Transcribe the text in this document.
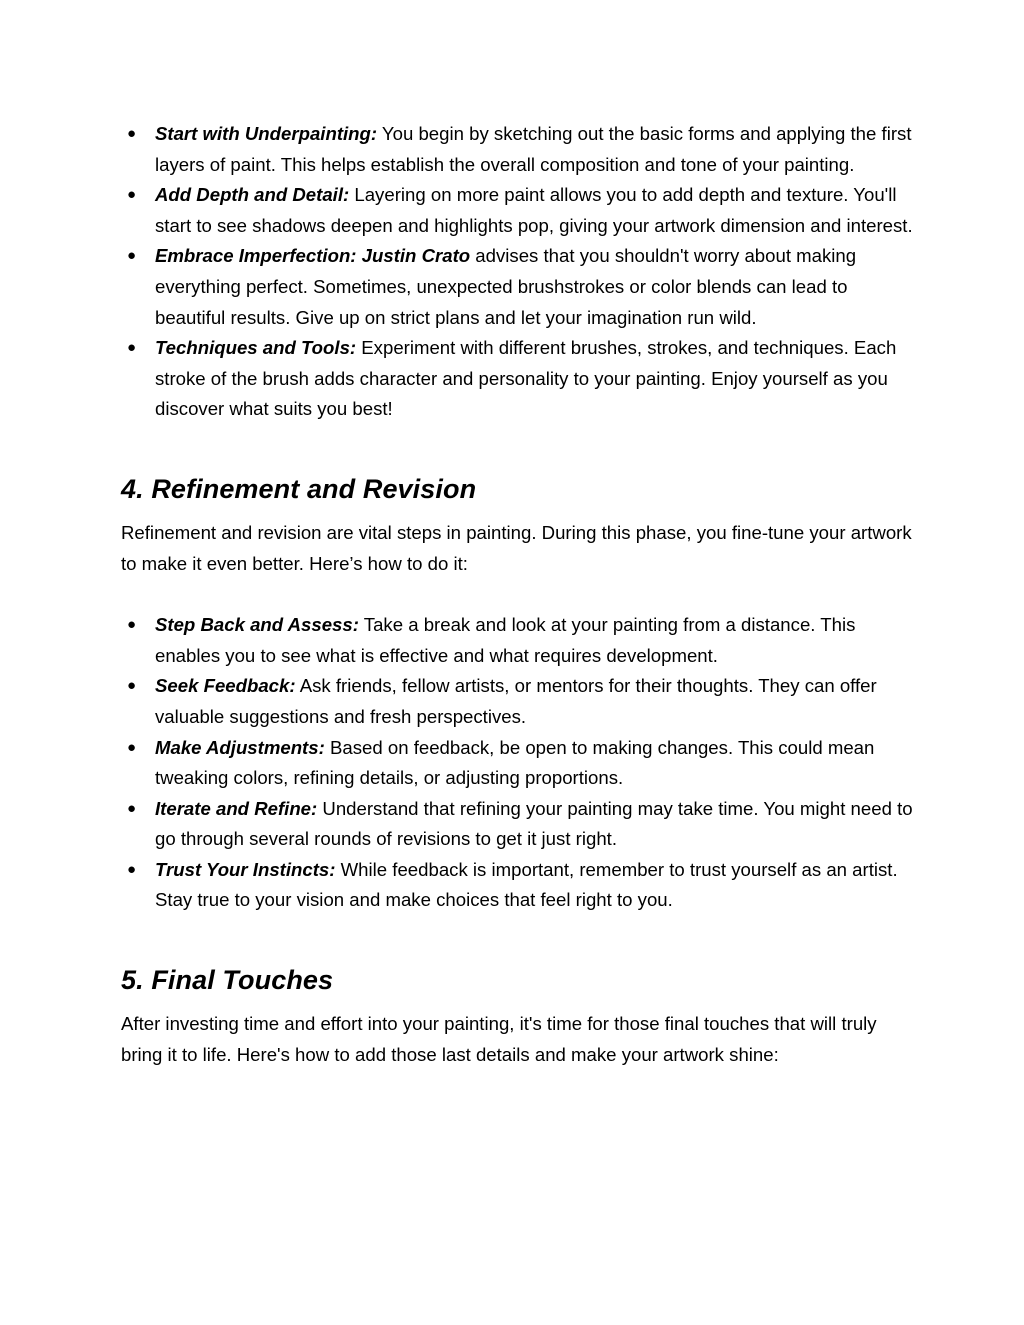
● Start with Underpainting: You begin by sketching out the basic forms and applying the first layers of paint. This helps establish the overall composition and tone of your painting.
● Add Depth and Detail: Layering on more paint allows you to add depth and texture. You'll start to see shadows deepen and highlights pop, giving your artwork dimension and interest.
● Embrace Imperfection: Justin Crato advises that you shouldn't worry about making everything perfect. Sometimes, unexpected brushstrokes or color blends can lead to beautiful results. Give up on strict plans and let your imagination run wild.
● Techniques and Tools: Experiment with different brushes, strokes, and techniques. Each stroke of the brush adds character and personality to your painting. Enjoy yourself as you discover what suits you best!
4. Refinement and Revision

Refinement and revision are vital steps in painting. During this phase, you fine-tune your artwork to make it even better. Here’s how to do it:

● Step Back and Assess: Take a break and look at your painting from a distance. This enables you to see what is effective and what requires development.
● Seek Feedback: Ask friends, fellow artists, or mentors for their thoughts. They can offer valuable suggestions and fresh perspectives.
● Make Adjustments: Based on feedback, be open to making changes. This could mean tweaking colors, refining details, or adjusting proportions.
● Iterate and Refine: Understand that refining your painting may take time. You might need to go through several rounds of revisions to get it just right.
● Trust Your Instincts: While feedback is important, remember to trust yourself as an artist. Stay true to your vision and make choices that feel right to you.
5. Final Touches

After investing time and effort into your painting, it's time for those final touches that will truly bring it to life. Here's how to add those last details and make your artwork shine:
